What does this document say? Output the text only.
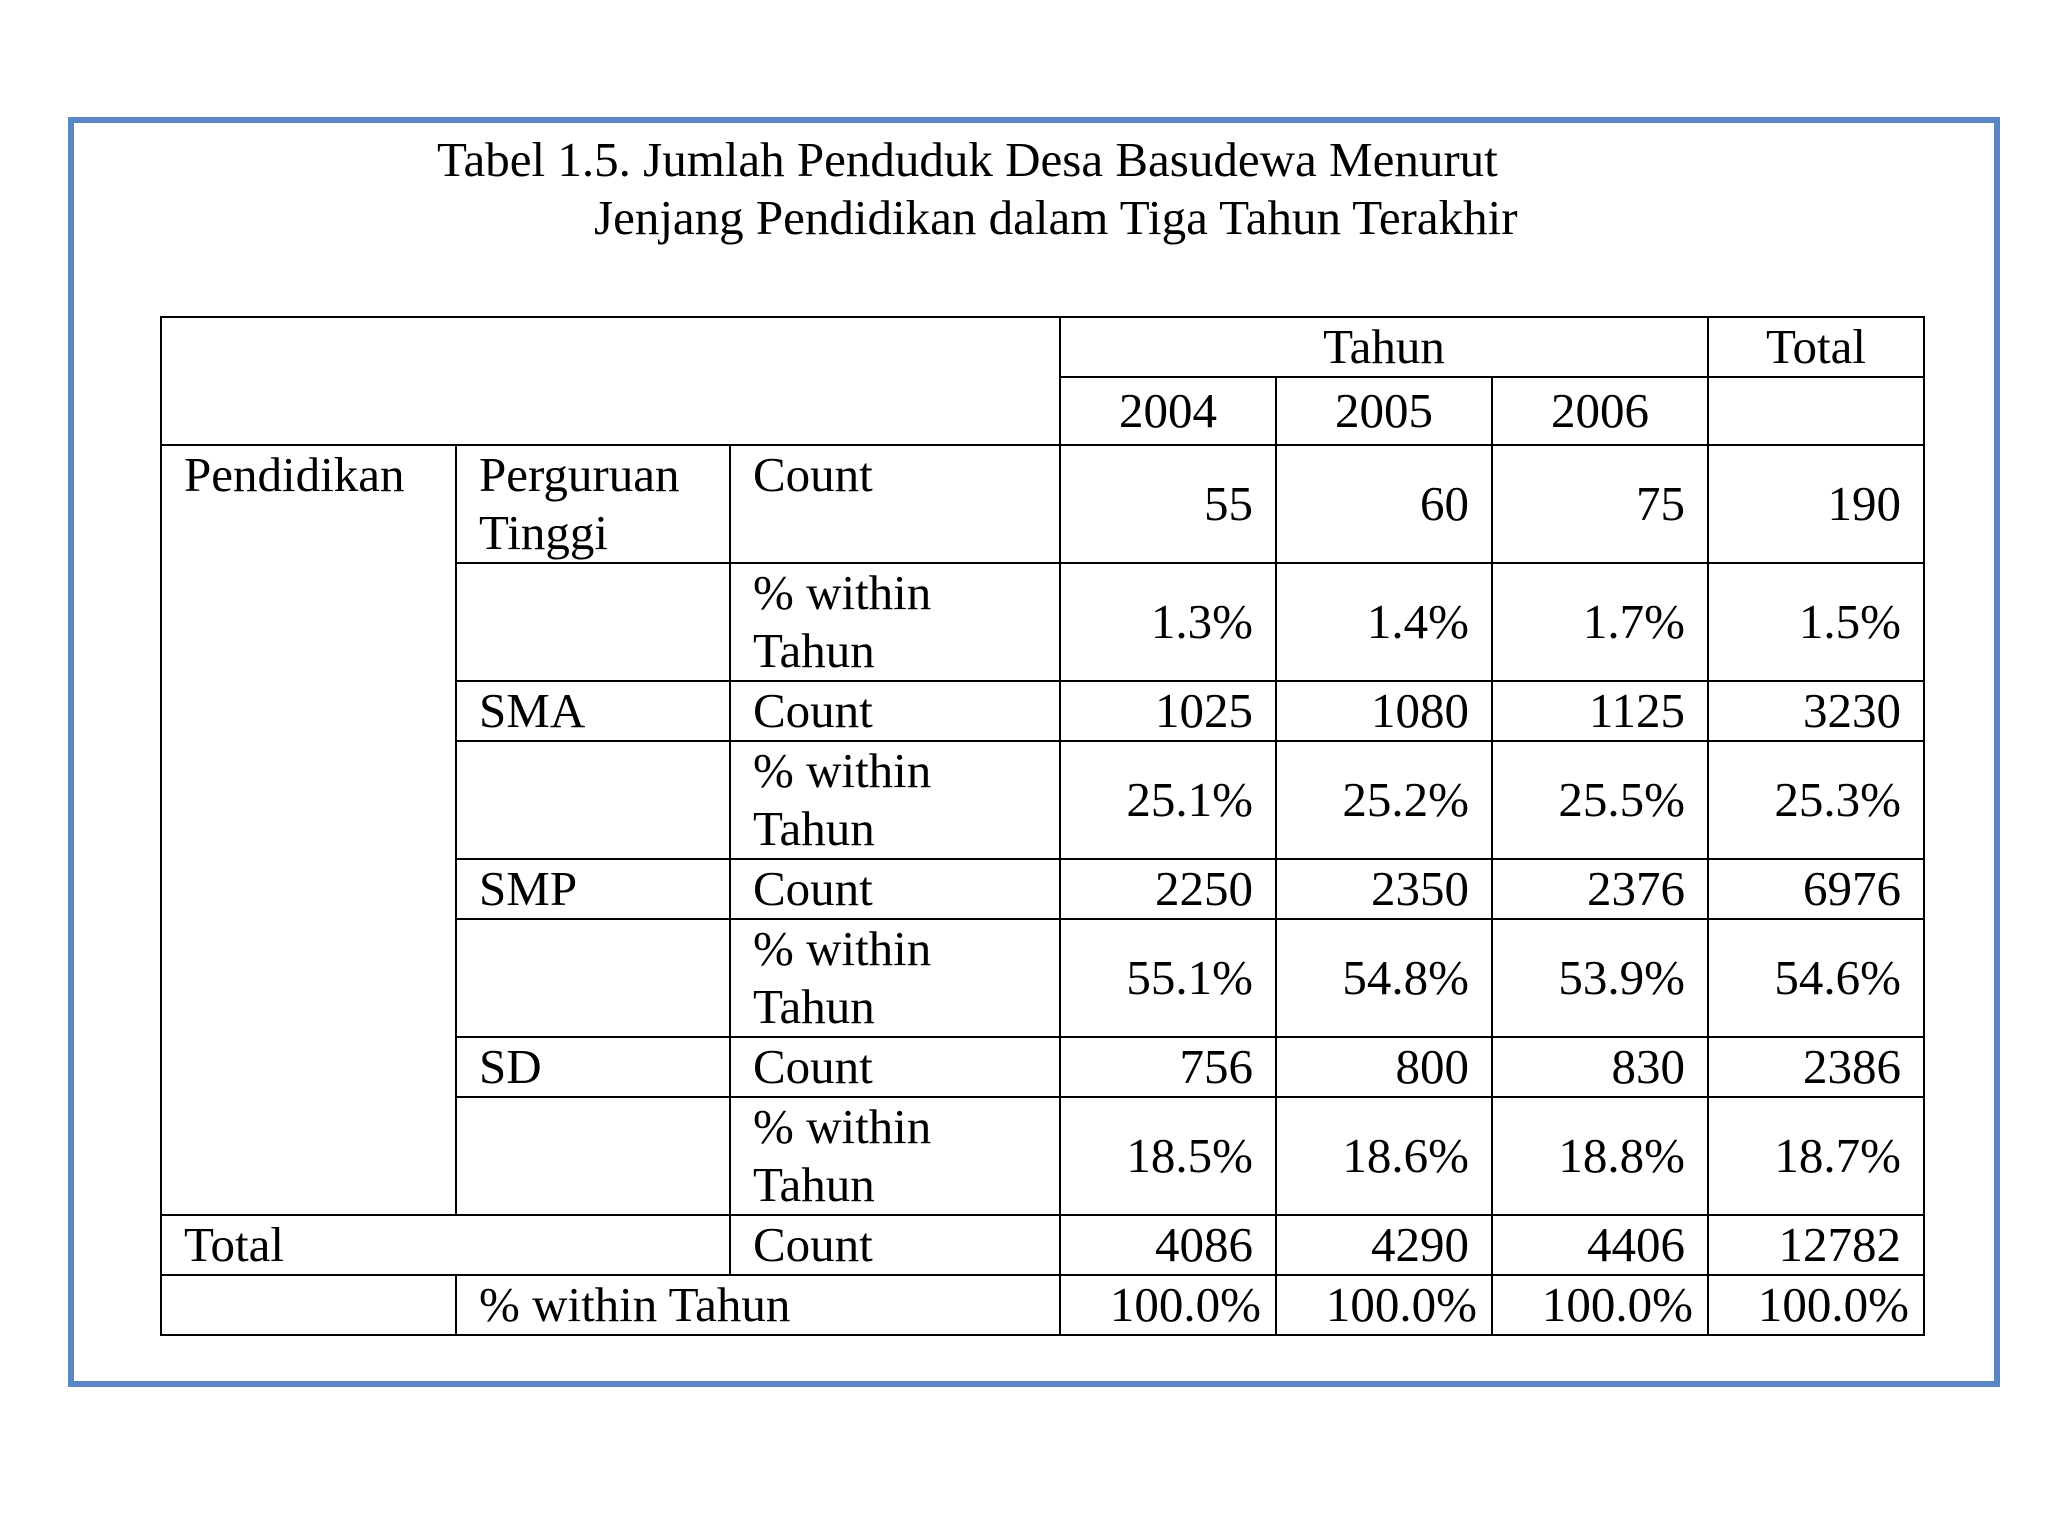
Tabel 1.5. Jumlah Penduduk Desa Basudewa Menurut
Jenjang Pendidikan dalam Tiga Tahun Terakhir
			Tahun			Total
			2004	2005	2006	
Pendidikan	Perguruan Tinggi	Count	55	60	75	190
		% within Tahun	1.3%	1.4%	1.7%	1.5%
	SMA	Count	1025	1080	1125	3230
		% within Tahun	25.1%	25.2%	25.5%	25.3%
	SMP	Count	2250	2350	2376	6976
		% within Tahun	55.1%	54.8%	53.9%	54.6%
	SD	Count	756	800	830	2386
		% within Tahun	18.5%	18.6%	18.8%	18.7%
Total		Count	4086	4290	4406	12782
	% within Tahun		100.0%	100.0%	100.0%	100.0%
